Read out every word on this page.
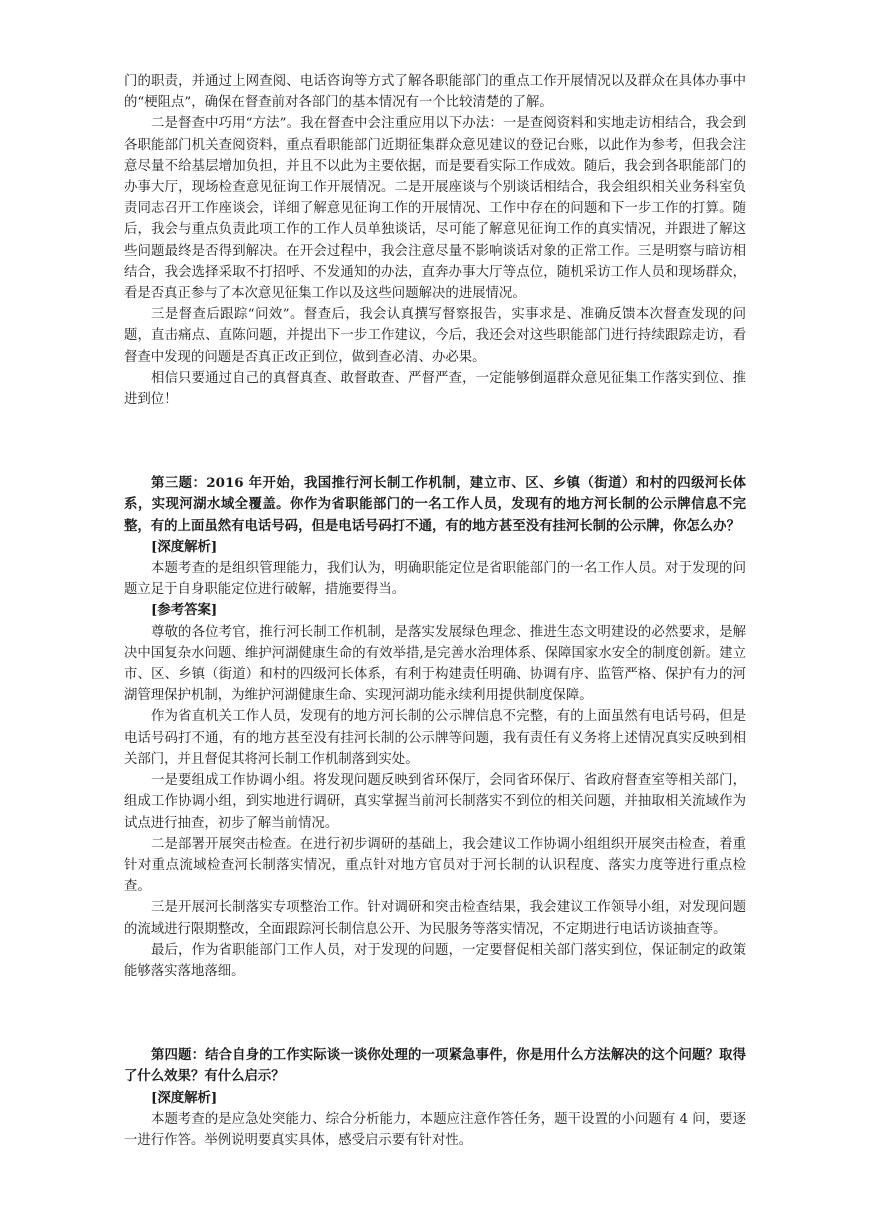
门的职责，并通过上网查阅、电话咨询等方式了解各职能部门的重点工作开展情况以及群众在具体办事中的“梗阻点”，确保在督查前对各部门的基本情况有一个比较清楚的了解。

二是督查中巧用“方法”。我在督查中会注重应用以下办法：一是查阅资料和实地走访相结合，我会到各职能部门机关查阅资料，重点看职能部门近期征集群众意见建议的登记台账，以此作为参考，但我会注意尽量不给基层增加负担，并且不以此为主要依据，而是要看实际工作成效。随后，我会到各职能部门的办事大厅，现场检查意见征询工作开展情况。二是开展座谈与个别谈话相结合，我会组织相关业务科室负责同志召开工作座谈会，详细了解意见征询工作的开展情况、工作中存在的问题和下一步工作的打算。随后，我会与重点负责此项工作的工作人员单独谈话，尽可能了解意见征询工作的真实情况，并跟进了解这些问题最终是否得到解决。在开会过程中，我会注意尽量不影响谈话对象的正常工作。三是明察与暗访相结合，我会选择采取不打招呼、不发通知的办法，直奔办事大厅等点位，随机采访工作人员和现场群众，看是否真正参与了本次意见征集工作以及这些问题解决的进展情况。

三是督查后跟踪“问效”。督查后，我会认真撰写督察报告，实事求是、准确反馈本次督查发现的问题，直击痛点、直陈问题，并提出下一步工作建议，今后，我还会对这些职能部门进行持续跟踪走访，看督查中发现的问题是否真正改正到位，做到查必清、办必果。

相信只要通过自己的真督真查、敢督敢查、严督严查，一定能够倒逼群众意见征集工作落实到位、推进到位！

第三题：2016 年开始，我国推行河长制工作机制，建立市、区、乡镇（街道）和村的四级河长体系，实现河湖水域全覆盖。你作为省职能部门的一名工作人员，发现有的地方河长制的公示牌信息不完整，有的上面虽然有电话号码，但是电话号码打不通，有的地方甚至没有挂河长制的公示牌，你怎么办？

[深度解析]

本题考查的是组织管理能力，我们认为，明确职能定位是省职能部门的一名工作人员。对于发现的问题立足于自身职能定位进行破解，措施要得当。

[参考答案]

尊敬的各位考官，推行河长制工作机制，是落实发展绿色理念、推进生态文明建设的必然要求，是解决中国复杂水问题、维护河湖健康生命的有效举措,是完善水治理体系、保障国家水安全的制度创新。建立市、区、乡镇（街道）和村的四级河长体系，有利于构建责任明确、协调有序、监管严格、保护有力的河湖管理保护机制，为维护河湖健康生命、实现河湖功能永续利用提供制度保障。

作为省直机关工作人员，发现有的地方河长制的公示牌信息不完整，有的上面虽然有电话号码，但是电话号码打不通，有的地方甚至没有挂河长制的公示牌等问题，我有责任有义务将上述情况真实反映到相关部门，并且督促其将河长制工作机制落到实处。

一是要组成工作协调小组。将发现问题反映到省环保厅，会同省环保厅、省政府督查室等相关部门，组成工作协调小组，到实地进行调研，真实掌握当前河长制落实不到位的相关问题，并抽取相关流域作为试点进行抽查，初步了解当前情况。

二是部署开展突击检查。在进行初步调研的基础上，我会建议工作协调小组组织开展突击检查，着重针对重点流域检查河长制落实情况，重点针对地方官员对于河长制的认识程度、落实力度等进行重点检查。

三是开展河长制落实专项整治工作。针对调研和突击检查结果，我会建议工作领导小组，对发现问题的流域进行限期整改，全面跟踪河长制信息公开、为民服务等落实情况，不定期进行电话访谈抽查等。

最后，作为省职能部门工作人员，对于发现的问题，一定要督促相关部门落实到位，保证制定的政策能够落实落地落细。

第四题：结合自身的工作实际谈一谈你处理的一项紧急事件，你是用什么方法解决的这个问题？取得了什么效果？有什么启示？

[深度解析]

本题考查的是应急处突能力、综合分析能力，本题应注意作答任务，题干设置的小问题有 4 问，要逐一进行作答。举例说明要真实具体，感受启示要有针对性。
